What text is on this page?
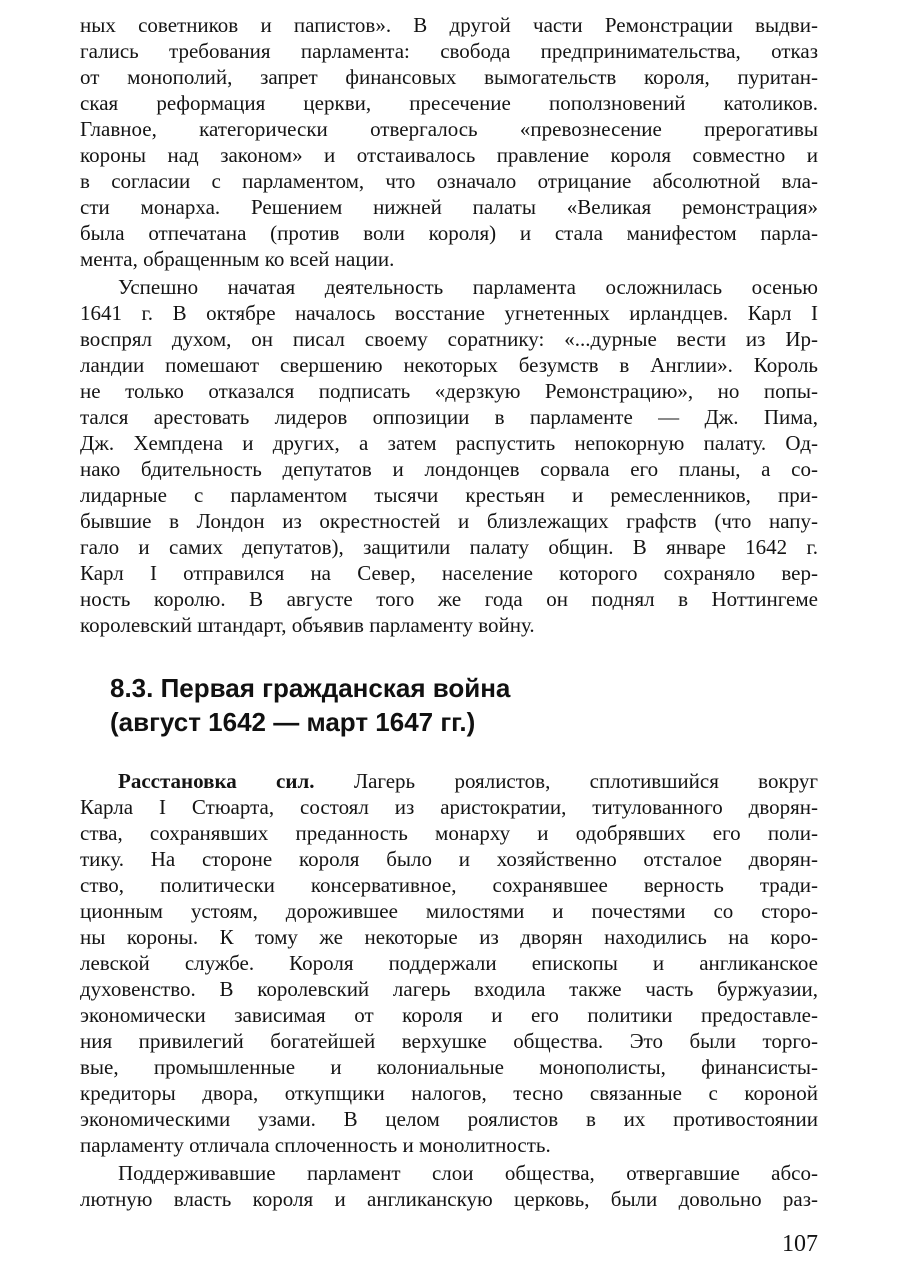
ных советников и папистов». В другой части Ремонстрации выдви-
гались требования парламента: свобода предпринимательства, отказ
от монополий, запрет финансовых вымогательств короля, пуритан-
ская реформация церкви, пресечение поползновений католиков.
Главное, категорически отвергалось «превознесение прерогативы
короны над законом» и отстаивалось правление короля совместно и
в согласии с парламентом, что означало отрицание абсолютной вла-
сти монарха. Решением нижней палаты «Великая ремонстрация»
была отпечатана (против воли короля) и стала манифестом парла-
мента, обращенным ко всей нации.
Успешно начатая деятельность парламента осложнилась осенью
1641 г. В октябре началось восстание угнетенных ирландцев. Карл I
воспрял духом, он писал своему соратнику: «...дурные вести из Ир-
ландии помешают свершению некоторых безумств в Англии». Король
не только отказался подписать «дерзкую Ремонстрацию», но попы-
тался арестовать лидеров оппозиции в парламенте — Дж. Пима,
Дж. Хемпдена и других, а затем распустить непокорную палату. Од-
нако бдительность депутатов и лондонцев сорвала его планы, а со-
лидарные с парламентом тысячи крестьян и ремесленников, при-
бывшие в Лондон из окрестностей и близлежащих графств (что напу-
гало и самих депутатов), защитили палату общин. В январе 1642 г.
Карл I отправился на Север, население которого сохраняло вер-
ность королю. В августе того же года он поднял в Ноттингеме
королевский штандарт, объявив парламенту войну.
8.3. Первая гражданская война
(август 1642 — март 1647 гг.)
Расстановка сил. Лагерь роялистов, сплотившийся вокруг
Карла I Стюарта, состоял из аристократии, титулованного дворян-
ства, сохранявших преданность монарху и одобрявших его поли-
тику. На стороне короля было и хозяйственно отсталое дворян-
ство, политически консервативное, сохранявшее верность тради-
ционным устоям, дорожившее милостями и почестями со сторо-
ны короны. К тому же некоторые из дворян находились на коро-
левской службе. Короля поддержали епископы и англиканское
духовенство. В королевский лагерь входила также часть буржуазии,
экономически зависимая от короля и его политики предоставле-
ния привилегий богатейшей верхушке общества. Это были торго-
вые, промышленные и колониальные монополисты, финансисты-
кредиторы двора, откупщики налогов, тесно связанные с короной
экономическими узами. В целом роялистов в их противостоянии
парламенту отличала сплоченность и монолитность.
Поддерживавшие парламент слои общества, отвергавшие абсо-
лютную власть короля и англиканскую церковь, были довольно раз-
107
